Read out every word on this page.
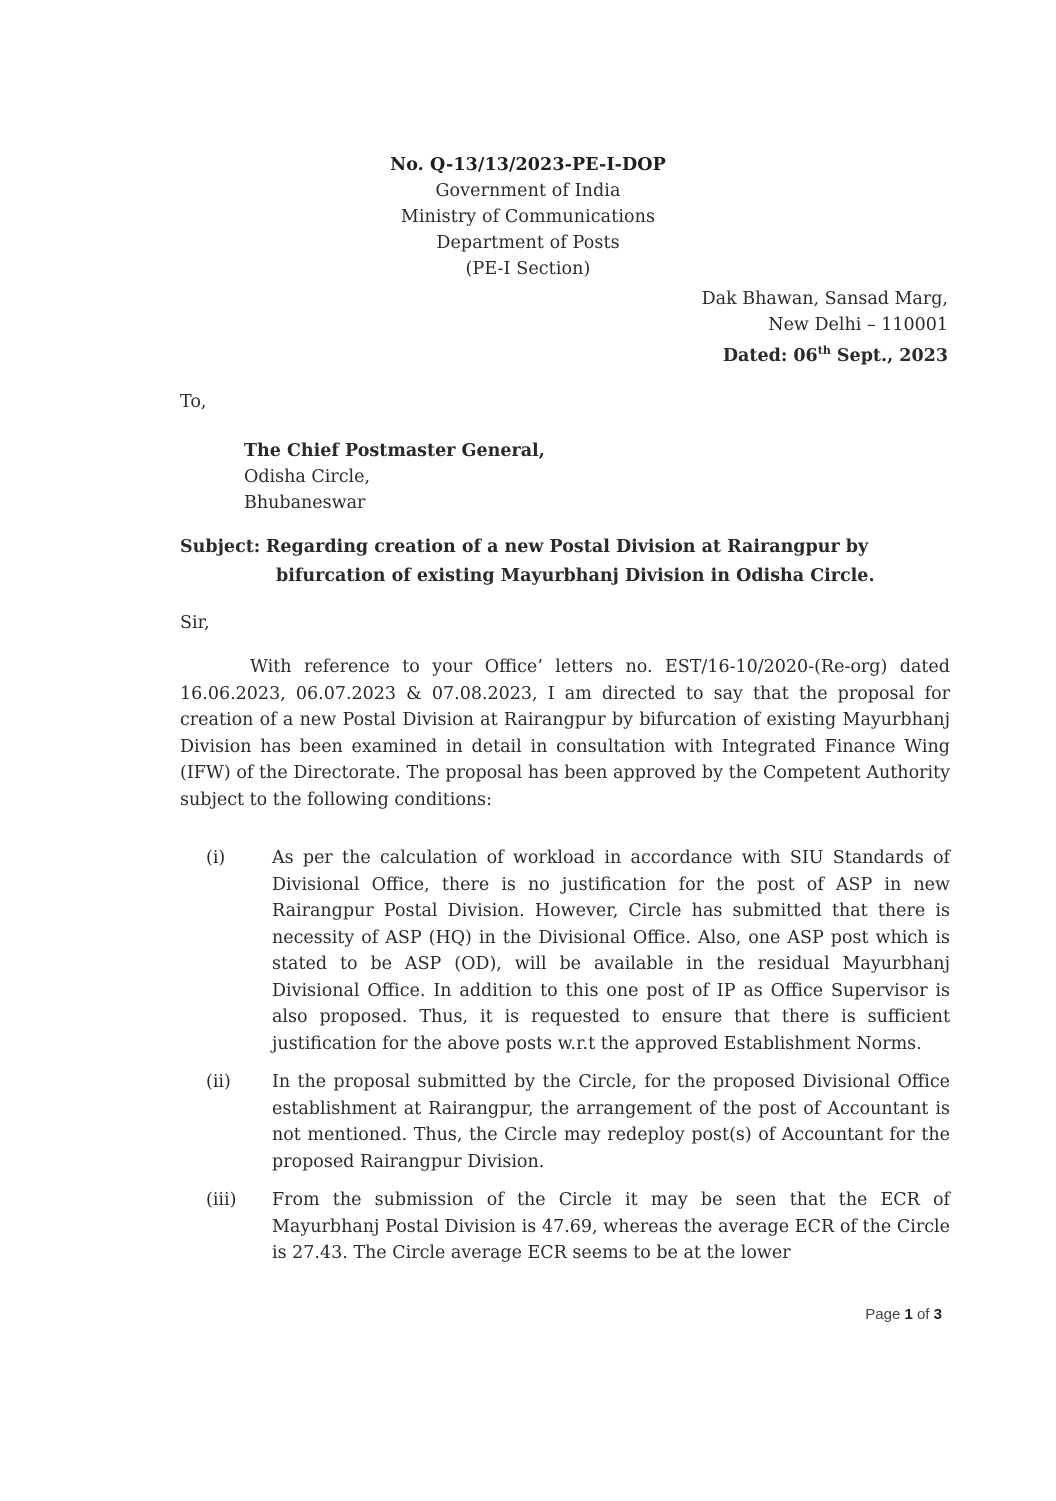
No. Q-13/13/2023-PE-I-DOP
Government of India
Ministry of Communications
Department of Posts
(PE-I Section)
Dak Bhawan, Sansad Marg,
New Delhi – 110001
Dated: 06th Sept., 2023
To,
The Chief Postmaster General,
Odisha Circle,
Bhubaneswar
Subject: Regarding creation of a new Postal Division at Rairangpur by
bifurcation of existing Mayurbhanj Division in Odisha Circle.
Sir,
With reference to your Office’ letters no. EST/16-10/2020-(Re-org) dated 16.06.2023, 06.07.2023 & 07.08.2023, I am directed to say that the proposal for creation of a new Postal Division at Rairangpur by bifurcation of existing Mayurbhanj Division has been examined in detail in consultation with Integrated Finance Wing (IFW) of the Directorate. The proposal has been approved by the Competent Authority subject to the following conditions:
(i)	As per the calculation of workload in accordance with SIU Standards of Divisional Office, there is no justification for the post of ASP in new Rairangpur Postal Division. However, Circle has submitted that there is necessity of ASP (HQ) in the Divisional Office. Also, one ASP post which is stated to be ASP (OD), will be available in the residual Mayurbhanj Divisional Office. In addition to this one post of IP as Office Supervisor is also proposed. Thus, it is requested to ensure that there is sufficient justification for the above posts w.r.t the approved Establishment Norms.
(ii)	In the proposal submitted by the Circle, for the proposed Divisional Office establishment at Rairangpur, the arrangement of the post of Accountant is not mentioned. Thus, the Circle may redeploy post(s) of Accountant for the proposed Rairangpur Division.
(iii)	From the submission of the Circle it may be seen that the ECR of Mayurbhanj Postal Division is 47.69, whereas the average ECR of the Circle is 27.43. The Circle average ECR seems to be at the lower
Page 1 of 3
